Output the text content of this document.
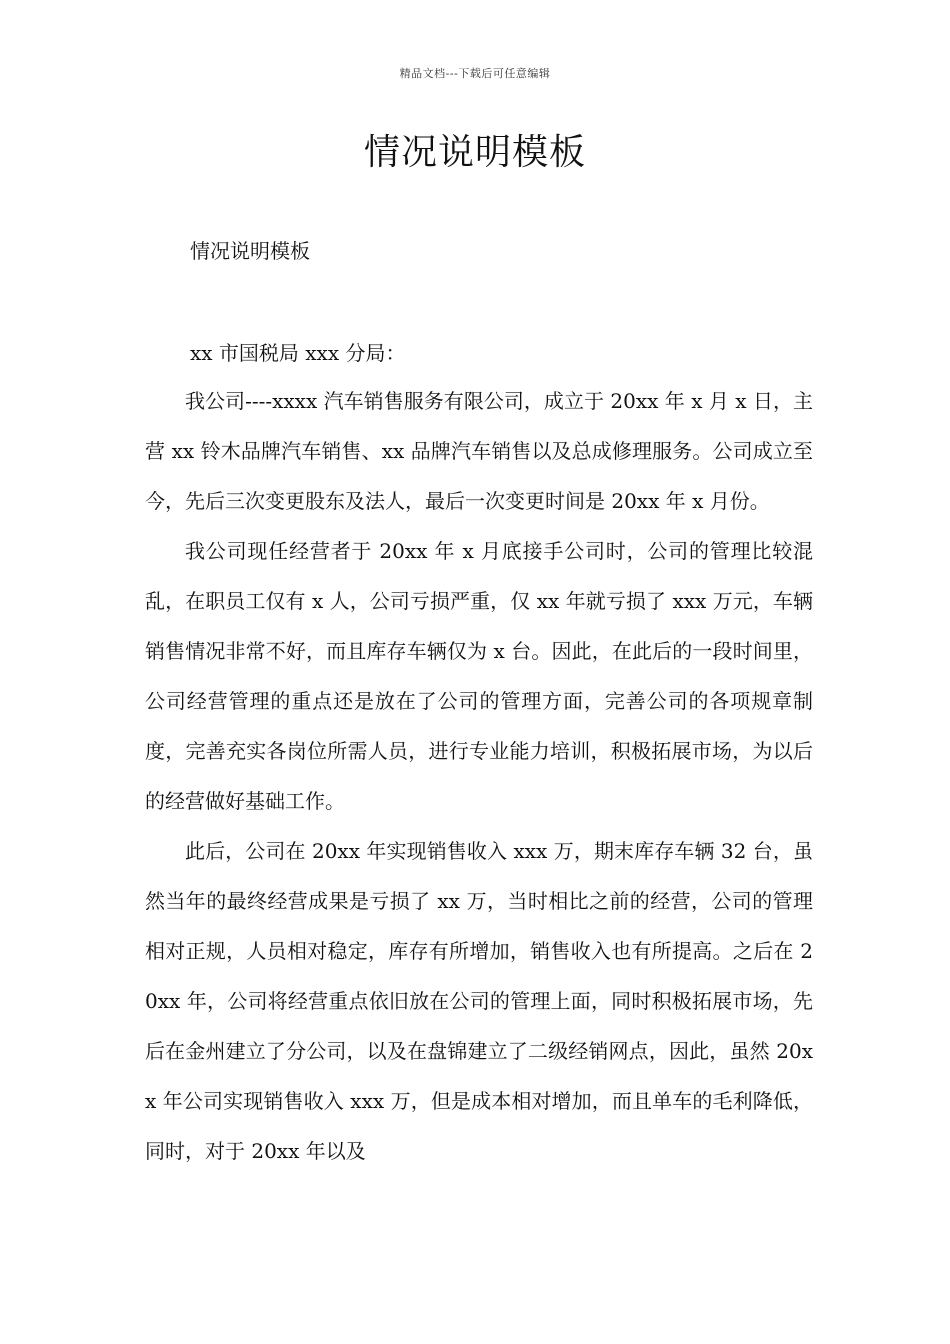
精品文档---下载后可任意编辑
情况说明模板

情况说明模板

xx 市国税局 xxx 分局：

我公司----xxxx 汽车销售服务有限公司，成立于 20xx 年 x 月 x 日，主营 xx 铃木品牌汽车销售、xx 品牌汽车销售以及总成修理服务。公司成立至今，先后三次变更股东及法人，最后一次变更时间是 20xx 年 x 月份。

我公司现任经营者于 20xx 年 x 月底接手公司时，公司的管理比较混乱，在职员工仅有 x 人，公司亏损严重，仅 xx 年就亏损了 xxx 万元，车辆销售情况非常不好，而且库存车辆仅为 x 台。因此，在此后的一段时间里，公司经营管理的重点还是放在了公司的管理方面，完善公司的各项规章制度，完善充实各岗位所需人员，进行专业能力培训，积极拓展市场，为以后的经营做好基础工作。

此后，公司在 20xx 年实现销售收入 xxx 万，期末库存车辆 32 台，虽然当年的最终经营成果是亏损了 xx 万，当时相比之前的经营，公司的管理相对正规，人员相对稳定，库存有所增加，销售收入也有所提高。之后在 20xx 年，公司将经营重点依旧放在公司的管理上面，同时积极拓展市场，先后在金州建立了分公司，以及在盘锦建立了二级经销网点，因此，虽然 20xx 年公司实现销售收入 xxx 万，但是成本相对增加，而且单车的毛利降低，同时，对于 20xx 年以及
